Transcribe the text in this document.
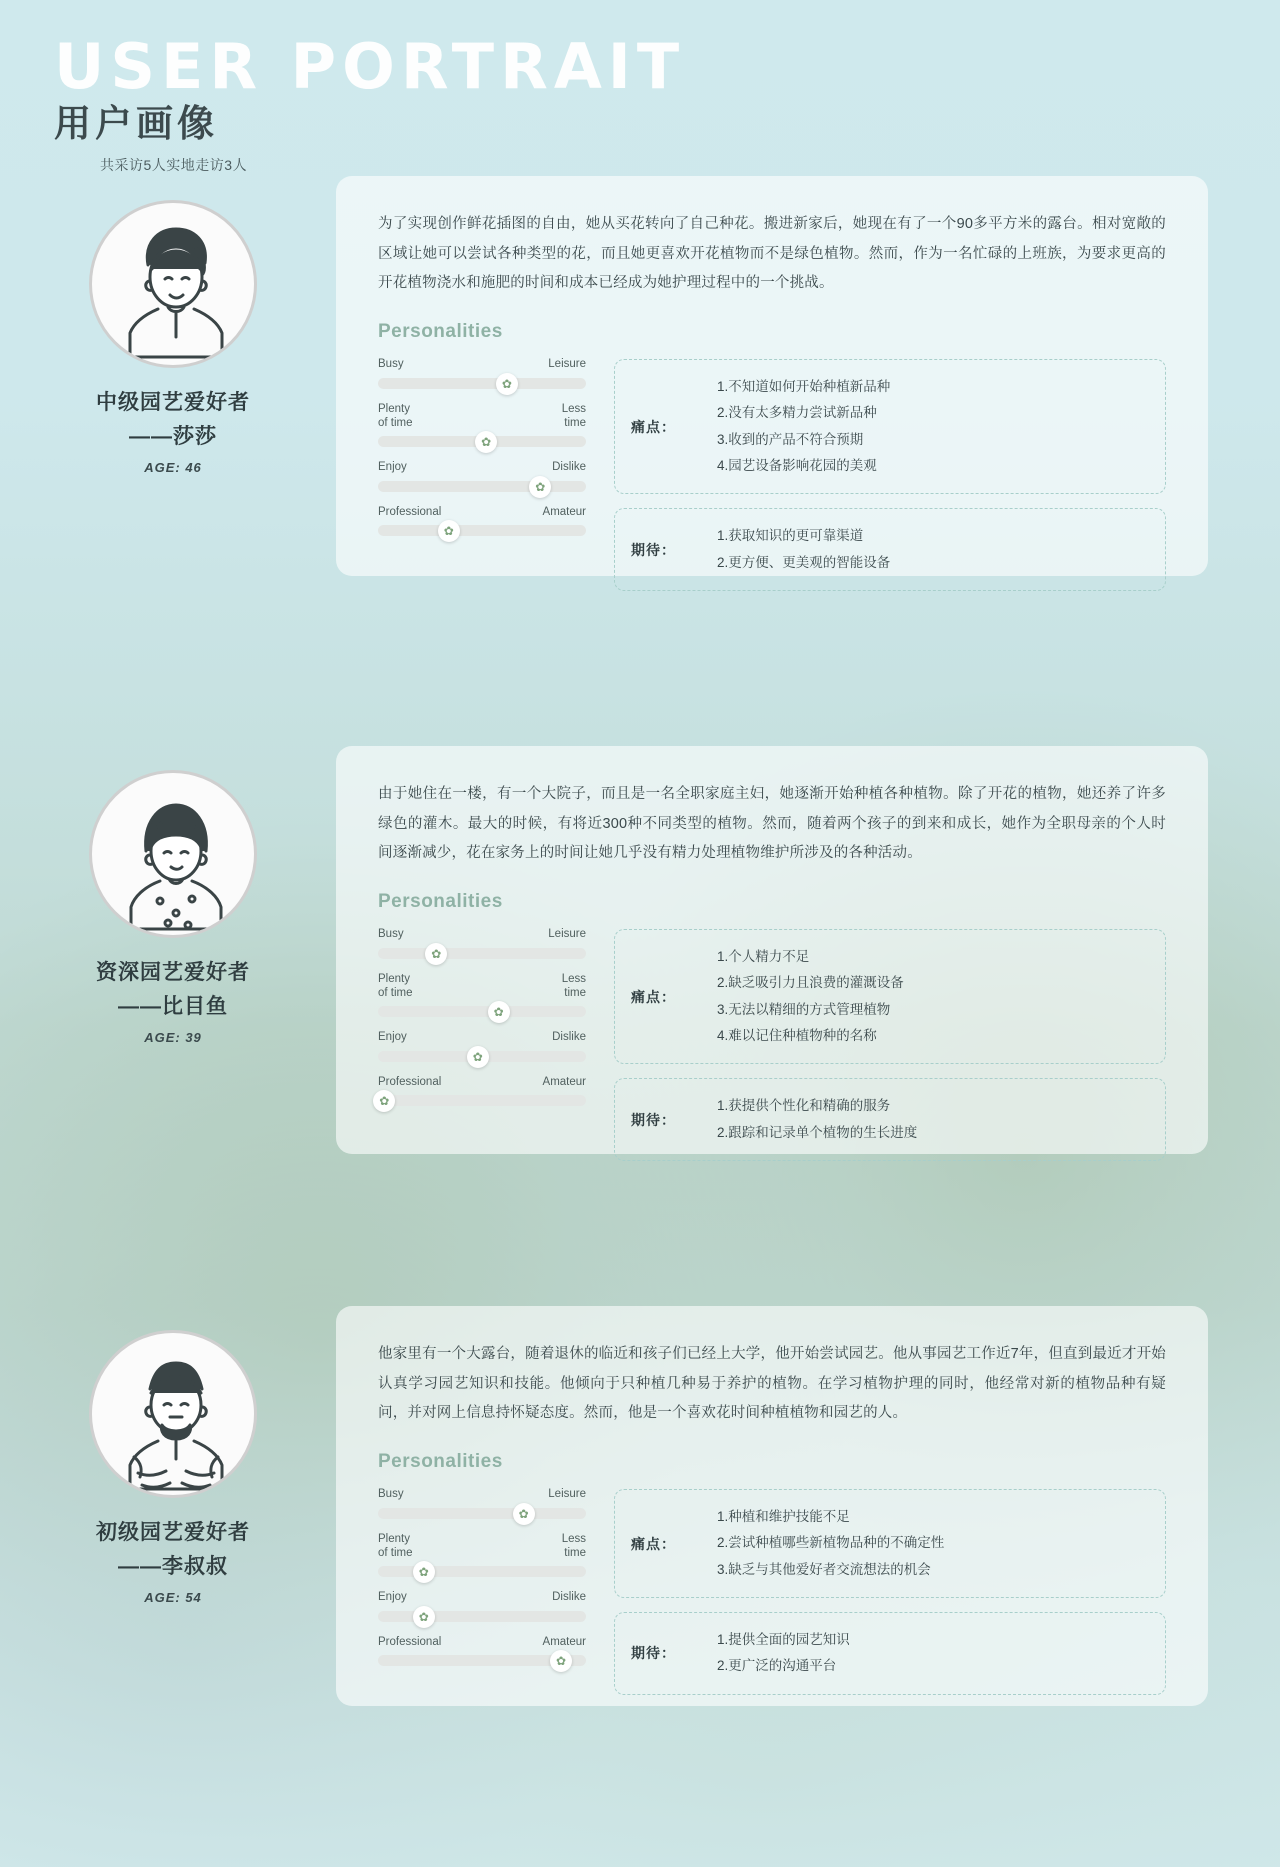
USER PORTRAIT
用户画像
共采访5人实地走访3人
中级园艺爱好者
——莎莎
AGE: 46
为了实现创作鲜花插图的自由，她从买花转向了自己种花。搬进新家后，她现在有了一个90多平方米的露台。相对宽敞的区域让她可以尝试各种类型的花，而且她更喜欢开花植物而不是绿色植物。然而，作为一名忙碌的上班族，为要求更高的开花植物浇水和施肥的时间和成本已经成为她护理过程中的一个挑战。
Personalities
Busy	Leisure
✿
Plenty
of time
Less
time
✿
Enjoy	Dislike
✿
Professional	Amateur
✿
痛点：
1.不知道如何开始种植新品种
2.没有太多精力尝试新品种
3.收到的产品不符合预期
4.园艺设备影响花园的美观
期待：
1.获取知识的更可靠渠道
2.更方便、更美观的智能设备
资深园艺爱好者
——比目鱼
AGE: 39
由于她住在一楼，有一个大院子，而且是一名全职家庭主妇，她逐渐开始种植各种植物。除了开花的植物，她还养了许多绿色的灌木。最大的时候，有将近300种不同类型的植物。然而，随着两个孩子的到来和成长，她作为全职母亲的个人时间逐渐减少，花在家务上的时间让她几乎没有精力处理植物维护所涉及的各种活动。
Personalities
Busy	Leisure
✿
Plenty
of time
Less
time
✿
Enjoy	Dislike
✿
Professional	Amateur
✿
痛点：
1.个人精力不足
2.缺乏吸引力且浪费的灌溉设备
3.无法以精细的方式管理植物
4.难以记住种植物种的名称
期待：
1.获提供个性化和精确的服务
2.跟踪和记录单个植物的生长进度
初级园艺爱好者
——李叔叔
AGE: 54
他家里有一个大露台，随着退休的临近和孩子们已经上大学，他开始尝试园艺。他从事园艺工作近7年，但直到最近才开始认真学习园艺知识和技能。他倾向于只种植几种易于养护的植物。在学习植物护理的同时，他经常对新的植物品种有疑问，并对网上信息持怀疑态度。然而，他是一个喜欢花时间种植植物和园艺的人。
Personalities
Busy	Leisure
✿
Plenty
of time
Less
time
✿
Enjoy	Dislike
✿
Professional	Amateur
✿
痛点：
1.种植和维护技能不足
2.尝试种植哪些新植物品种的不确定性
3.缺乏与其他爱好者交流想法的机会
期待：
1.提供全面的园艺知识
2.更广泛的沟通平台
